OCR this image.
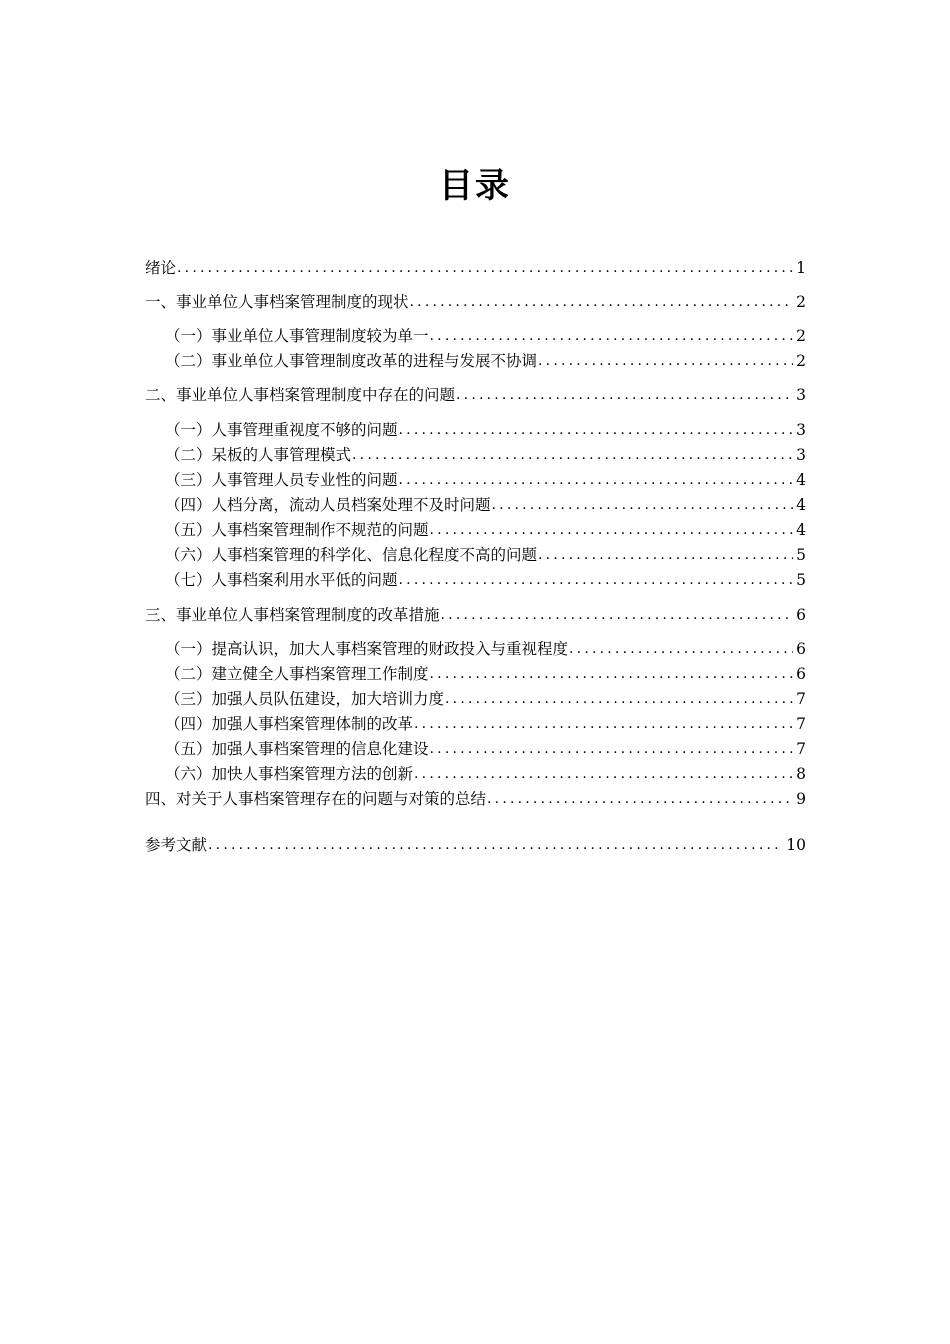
目录
绪论 .....	1
一、事业单位人事档案管理制度的现状 .....	2
（一）事业单位人事管理制度较为单一 .....	2
（二）事业单位人事管理制度改革的进程与发展不协调 .....	2
二、事业单位人事档案管理制度中存在的问题 .....	3
（一）人事管理重视度不够的问题 .....	3
（二）呆板的人事管理模式 .....	3
（三）人事管理人员专业性的问题 .....	4
（四）人档分离，流动人员档案处理不及时问题 .....	4
（五）人事档案管理制作不规范的问题 .....	4
（六）人事档案管理的科学化、信息化程度不高的问题 .....	5
（七）人事档案利用水平低的问题 .....	5
三、事业单位人事档案管理制度的改革措施 .....	6
（一）提高认识，加大人事档案管理的财政投入与重视程度 .....	6
（二）建立健全人事档案管理工作制度 .....	6
（三）加强人员队伍建设，加大培训力度 .....	7
（四）加强人事档案管理体制的改革 .....	7
（五）加强人事档案管理的信息化建设 .....	7
（六）加快人事档案管理方法的创新 .....	8
四、对关于人事档案管理存在的问题与对策的总结 .....	9
参考文献 .....	10
